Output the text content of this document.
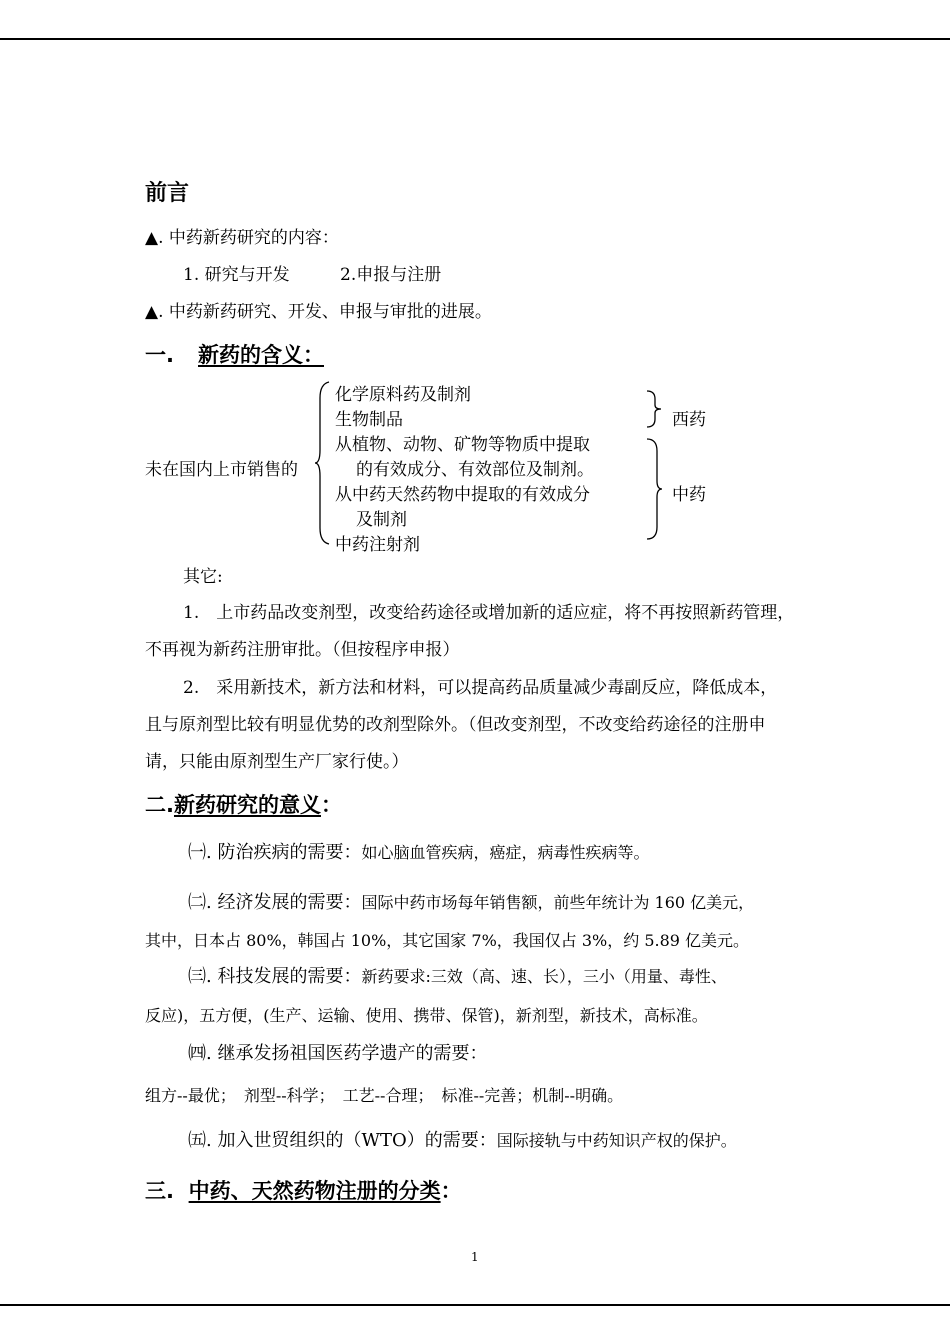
前言
▲. 中药新药研究的内容：
1. 研究与开发	2.申报与注册
▲. 中药新药研究、开发、申报与审批的进展。
一. 新药的含义：
未在国内上市销售的
化学原料药及制剂
生物制品
从植物、动物、矿物等物质中提取
的有效成分、有效部位及制剂。
从中药天然药物中提取的有效成分
及制剂
中药注射剂
西药
中药
其它:
1.　上市药品改变剂型，改变给药途径或增加新的适应症，将不再按照新药管理，
不再视为新药注册审批。（但按程序申报）
2.　采用新技术，新方法和材料，可以提高药品质量减少毒副反应，降低成本，
且与原剂型比较有明显优势的改剂型除外。（但改变剂型，不改变给药途径的注册申
请，只能由原剂型生产厂家行使。）
二.新药研究的意义：
㈠. 防治疾病的需要：如心脑血管疾病，癌症，病毒性疾病等。
㈡. 经济发展的需要：国际中药市场每年销售额，前些年统计为 160 亿美元，
其中，日本占 80%，韩国占 10%，其它国家 7%，我国仅占 3%，约 5.89 亿美元。
㈢. 科技发展的需要：新药要求:三效（高、速、长），三小（用量、毒性、
反应)，五方便，(生产、运输、使用、携带、保管)，新剂型，新技术，高标准。
㈣. 继承发扬祖国医药学遗产的需要：
组方--最优；　剂型--科学；　工艺--合理；　标准--完善；机制--明确。
㈤. 加入世贸组织的（WTO）的需要：国际接轨与中药知识产权的保护。
三. 中药、天然药物注册的分类：
1
